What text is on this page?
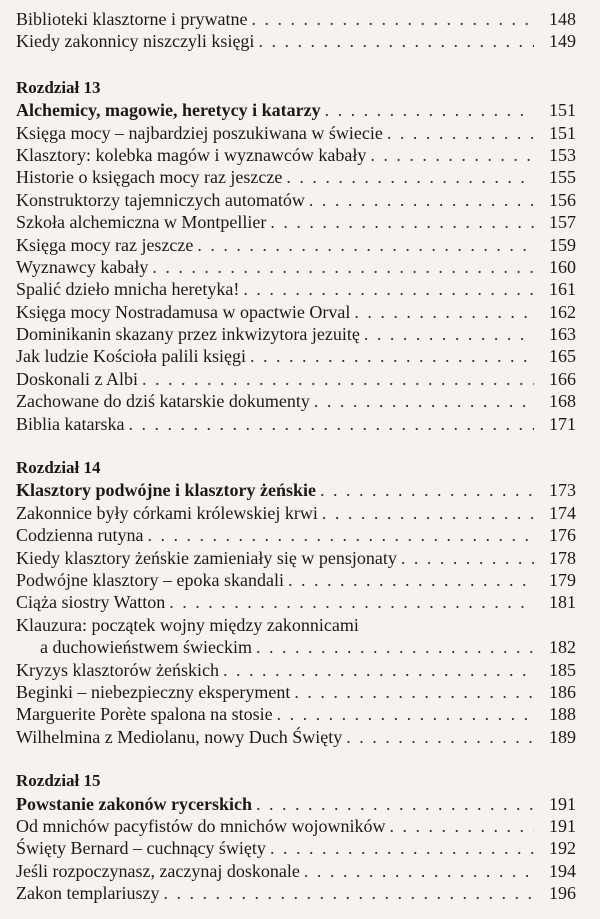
Biblioteki klasztorne i prywatne . . .	148
Kiedy zakonnicy niszczyli księgi . . .	149
Rozdział 13
Alchemicy, magowie, heretycy i katarzy . . .	151
Księga mocy – najbardziej poszukiwana w świecie . . .	151
Klasztory: kolebka magów i wyznawców kabały . . .	153
Historie o księgach mocy raz jeszcze . . .	155
Konstruktorzy tajemniczych automatów . . .	156
Szkoła alchemiczna w Montpellier . . .	157
Księga mocy raz jeszcze . . .	159
Wyznawcy kabały . . .	160
Spalić dzieło mnicha heretyka! . . .	161
Księga mocy Nostradamusa w opactwie Orval . . .	162
Dominikanin skazany przez inkwizytora jezuitę . . .	163
Jak ludzie Kościoła palili księgi . . .	165
Doskonali z Albi . . .	166
Zachowane do dziś katarskie dokumenty . . .	168
Biblia katarska . . .	171
Rozdział 14
Klasztory podwójne i klasztory żeńskie . . .	173
Zakonnice były córkami królewskiej krwi . . .	174
Codzienna rutyna . . .	176
Kiedy klasztory żeńskie zamieniały się w pensjonaty . . .	178
Podwójne klasztory – epoka skandali . . .	179
Ciąża siostry Watton . . .	181
Klauzura: początek wojny między zakonnicami
a duchowieństwem świeckim . . .	182
Kryzys klasztorów żeńskich . . .	185
Beginki – niebezpieczny eksperyment . . .	186
Marguerite Porète spalona na stosie . . .	188
Wilhelmina z Mediolanu, nowy Duch Święty . . .	189
Rozdział 15
Powstanie zakonów rycerskich . . .	191
Od mnichów pacyfistów do mnichów wojowników . . .	191
Święty Bernard – cuchnący święty . . .	192
Jeśli rozpoczynasz, zaczynaj doskonale . . .	194
Zakon templariuszy . . .	196
